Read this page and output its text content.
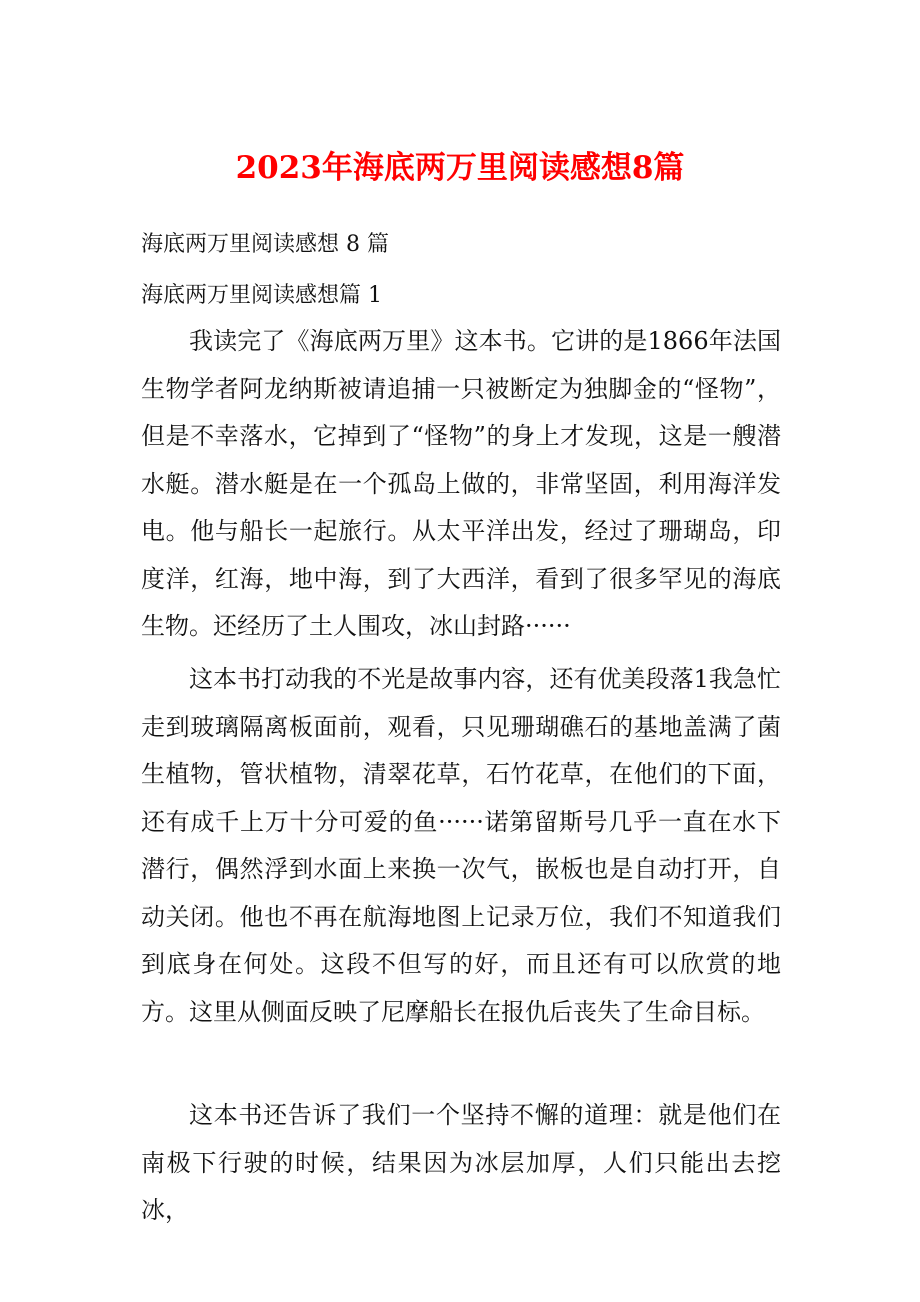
2023年海底两万里阅读感想8篇
海底两万里阅读感想 8 篇
海底两万里阅读感想篇 1

我读完了《海底两万里》这本书。它讲的是1866年法国生物学者阿龙纳斯被请追捕一只被断定为独脚金的“怪物”，但是不幸落水，它掉到了“怪物”的身上才发现，这是一艘潜水艇。潜水艇是在一个孤岛上做的，非常坚固，利用海洋发电。他与船长一起旅行。从太平洋出发，经过了珊瑚岛，印度洋，红海，地中海，到了大西洋，看到了很多罕见的海底生物。还经历了土人围攻，冰山封路······

这本书打动我的不光是故事内容，还有优美段落1我急忙走到玻璃隔离板面前，观看，只见珊瑚礁石的基地盖满了菌生植物，管状植物，清翠花草，石竹花草，在他们的下面，还有成千上万十分可爱的鱼······诺第留斯号几乎一直在水下潜行，偶然浮到水面上来换一次气，嵌板也是自动打开，自动关闭。他也不再在航海地图上记录万位，我们不知道我们到底身在何处。这段不但写的好，而且还有可以欣赏的地方。这里从侧面反映了尼摩船长在报仇后丧失了生命目标。

这本书还告诉了我们一个坚持不懈的道理：就是他们在南极下行驶的时候，结果因为冰层加厚，人们只能出去挖冰，
